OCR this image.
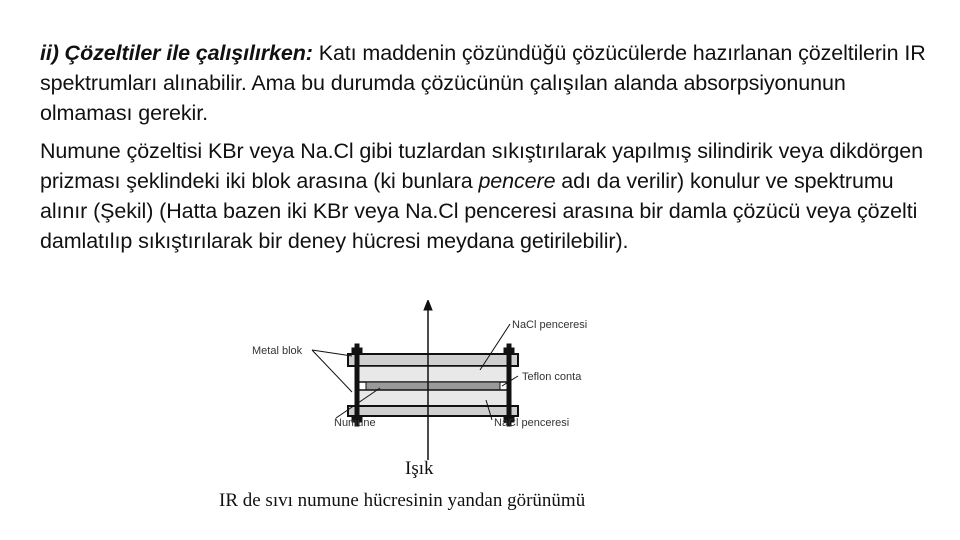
ii) Çözeltiler ile çalışılırken: Katı maddenin çözündüğü çözücülerde hazırlanan çözeltilerin IR spektrumları alınabilir. Ama bu durumda çözücünün çalışılan alanda absorpsiyonunun olmaması gerekir.
Numune çözeltisi KBr veya Na.Cl gibi tuzlardan sıkıştırılarak yapılmış silindirik veya dikdörgen prizması şeklindeki iki blok arasına (ki bunlara pencere adı da verilir) konulur ve spektrumu alınır (Şekil) (Hatta bazen iki KBr veya Na.Cl penceresi arasına bir damla çözücü veya çözelti damlatılıp sıkıştırılarak bir deney hücresi meydana getirilebilir).
Metal blok
NaCl penceresi
Teflon conta
Numune	NaCl penceresi
Işık
IR de sıvı numune hücresinin yandan görünümü
